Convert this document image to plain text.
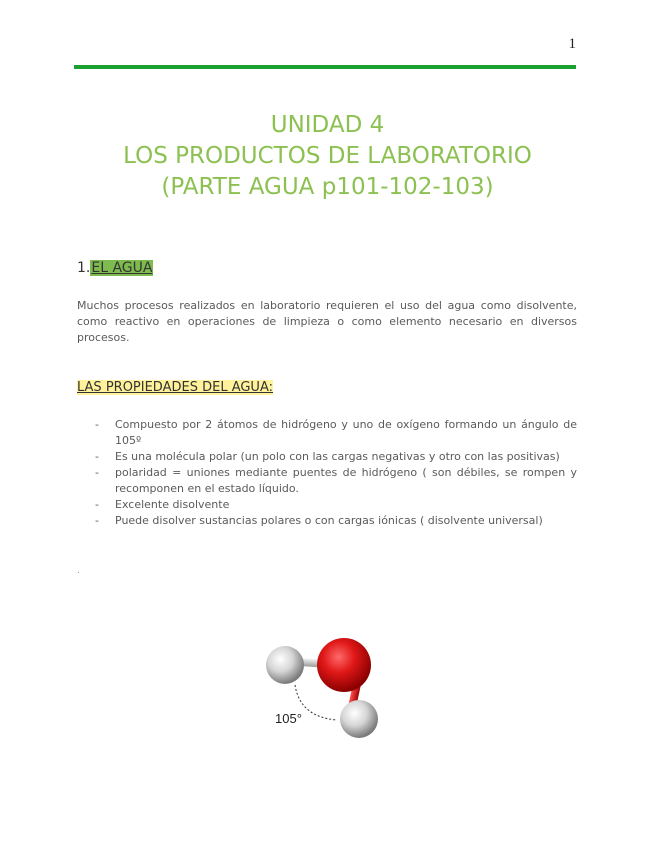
1
UNIDAD 4
LOS PRODUCTOS DE LABORATORIO
(PARTE AGUA p101-102-103)
1.EL AGUA

Muchos procesos realizados en laboratorio requieren el uso del agua como disolvente, como reactivo en operaciones de limpieza o como elemento necesario en diversos procesos.

LAS PROPIEDADES DEL AGUA:
- Compuesto por 2 átomos de hidrógeno y uno de oxígeno formando un ángulo de 105º
- Es una molécula polar (un polo con las cargas negativas y otro con las positivas)
- polaridad = uniones mediante puentes de hidrógeno ( son débiles, se rompen y recomponen en el estado líquido.
- Excelente disolvente
- Puede disolver sustancias polares o con cargas iónicas ( disolvente universal)
.
105°
